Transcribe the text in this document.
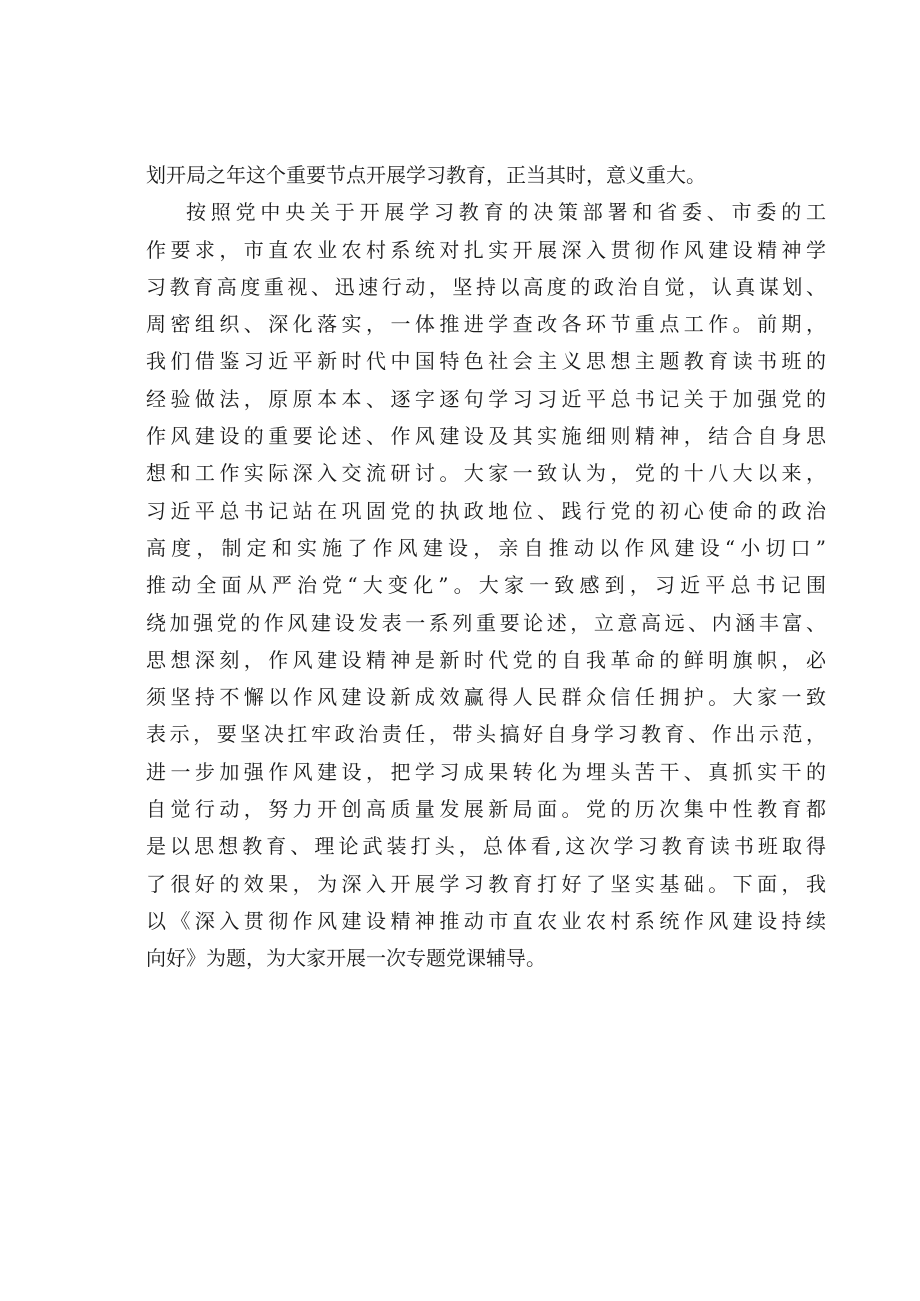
划开局之年这个重要节点开展学习教育，正当其时，意义重大。
按照党中央关于开展学习教育的决策部署和省委、市委的工
作要求，市直农业农村系统对扎实开展深入贯彻作风建设精神学
习教育高度重视、迅速行动，坚持以高度的政治自觉，认真谋划、
周密组织、深化落实，一体推进学查改各环节重点工作。前期，
我们借鉴习近平新时代中国特色社会主义思想主题教育读书班的
经验做法，原原本本、逐字逐句学习习近平总书记关于加强党的
作风建设的重要论述、作风建设及其实施细则精神，结合自身思
想和工作实际深入交流研讨。大家一致认为，党的十八大以来，
习近平总书记站在巩固党的执政地位、践行党的初心使命的政治
高度，制定和实施了作风建设，亲自推动以作风建设“小切口”
推动全面从严治党“大变化”。大家一致感到，习近平总书记围
绕加强党的作风建设发表一系列重要论述，立意高远、内涵丰富、
思想深刻，作风建设精神是新时代党的自我革命的鲜明旗帜，必
须坚持不懈以作风建设新成效赢得人民群众信任拥护。大家一致
表示，要坚决扛牢政治责任，带头搞好自身学习教育、作出示范，
进一步加强作风建设，把学习成果转化为埋头苦干、真抓实干的
自觉行动，努力开创高质量发展新局面。党的历次集中性教育都
是以思想教育、理论武装打头，总体看,这次学习教育读书班取得
了很好的效果，为深入开展学习教育打好了坚实基础。下面，我
以《深入贯彻作风建设精神推动市直农业农村系统作风建设持续
向好》为题，为大家开展一次专题党课辅导。
